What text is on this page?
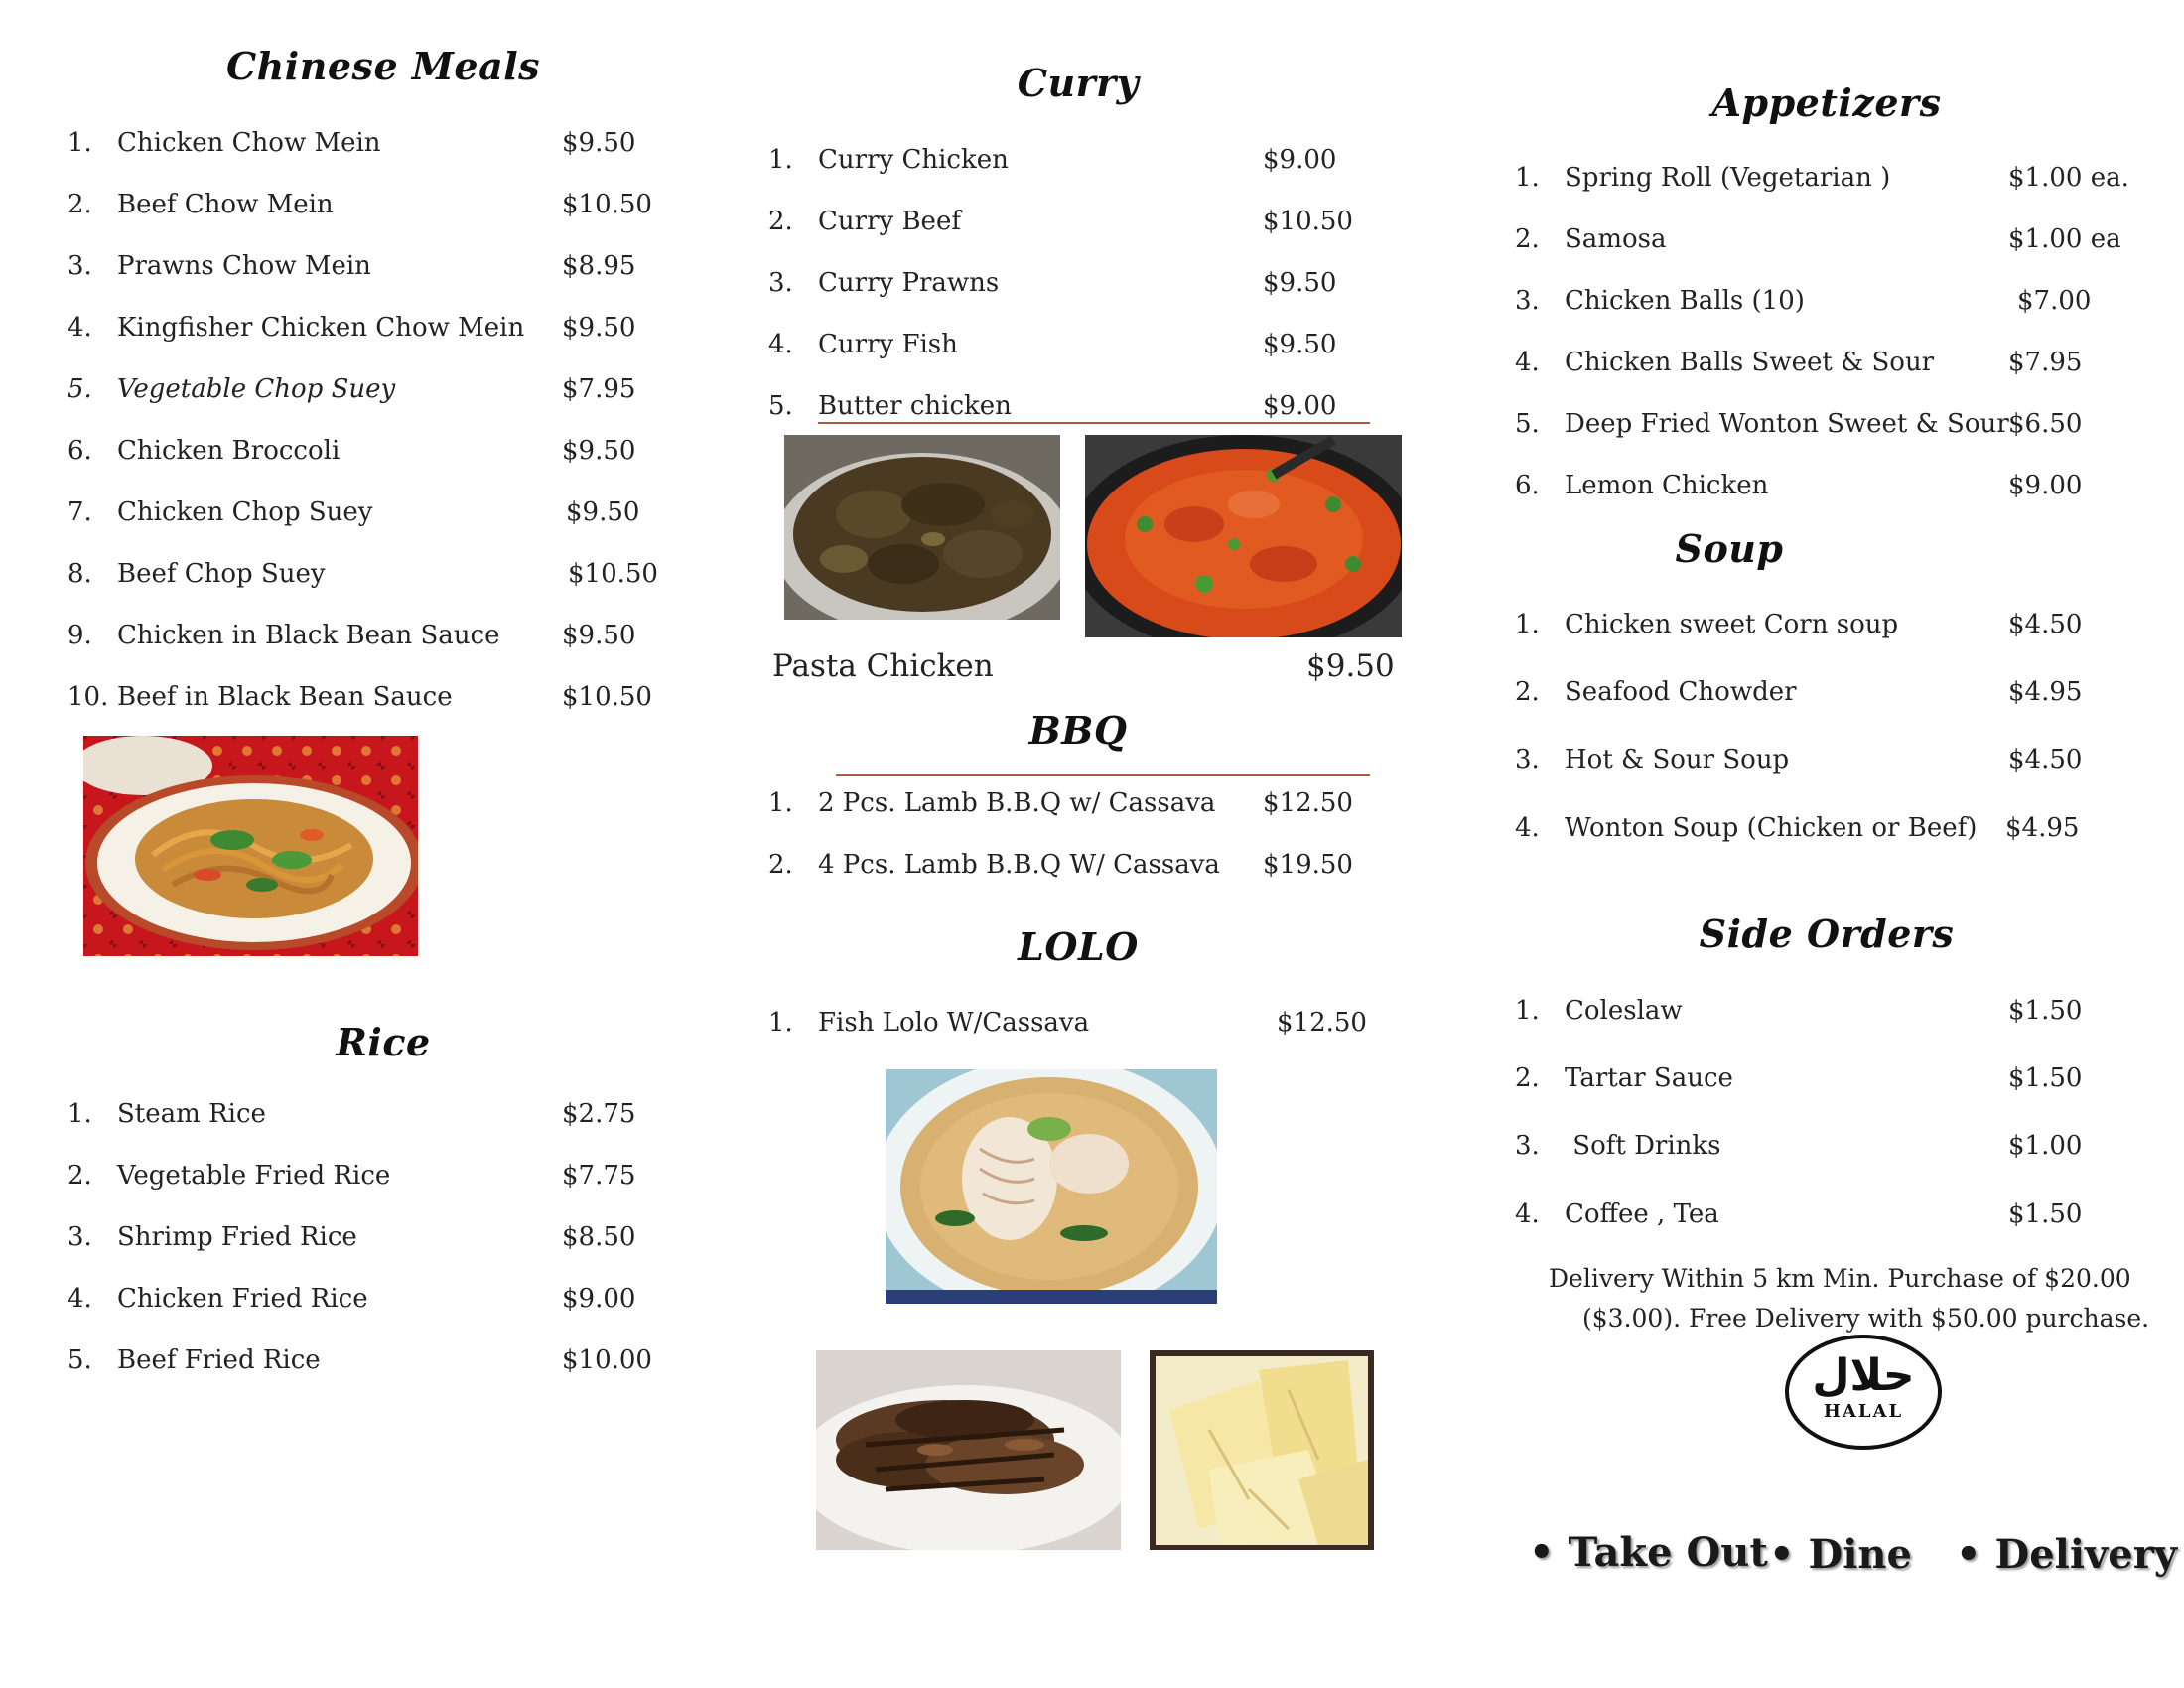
Chinese Meals
1. Chicken Chow Mein	$9.50
2. Beef Chow Mein	$10.50
3. Prawns Chow Mein	$8.95
4. Kingfisher Chicken Chow Mein $9.50
5. Vegetable Chop Suey	$7.95
6. Chicken Broccoli	$9.50
7. Chicken Chop Suey	$9.50
8. Beef Chop Suey	$10.50
9. Chicken in Black Bean Sauce $9.50
10. Beef in Black Bean Sauce	$10.50
Rice
1. Steam Rice	$2.75
2. Vegetable Fried Rice	$7.75
3. Shrimp Fried Rice	$8.50
4. Chicken Fried Rice	$9.00
5. Beef Fried Rice	$10.00
Curry
1. Curry Chicken	$9.00
2. Curry Beef	$10.50
3. Curry Prawns	$9.50
4. Curry Fish	$9.50
5. Butter chicken	$9.00
Pasta Chicken	$9.50
BBQ
1. 2 Pcs. Lamb B.B.Q w/ Cassava $12.50
2. 4 Pcs. Lamb B.B.Q W/ Cassava $19.50
LOLO
1. Fish Lolo W/Cassava	$12.50
Appetizers
1. Spring Roll (Vegetarian )	$1.00 ea.
2. Samosa	$1.00 ea
3. Chicken Balls (10)	$7.00
4. Chicken Balls Sweet & Sour	$7.95
5. Deep Fried Wonton Sweet & Sour $6.50
6. Lemon Chicken	$9.00
Soup
1. Chicken sweet Corn soup	$4.50
2. Seafood Chowder	$4.95
3. Hot & Sour Soup	$4.50
4. Wonton Soup (Chicken or Beef) $4.95
Side Orders
1. Coleslaw	$1.50
2. Tartar Sauce	$1.50
3. Soft Drinks	$1.00
4. Coffee , Tea	$1.50
Delivery Within 5 km Min. Purchase of $20.00
($3.00). Free Delivery with $50.00 purchase.
حلال
HALAL
• Take Out • Dine • Delivery
